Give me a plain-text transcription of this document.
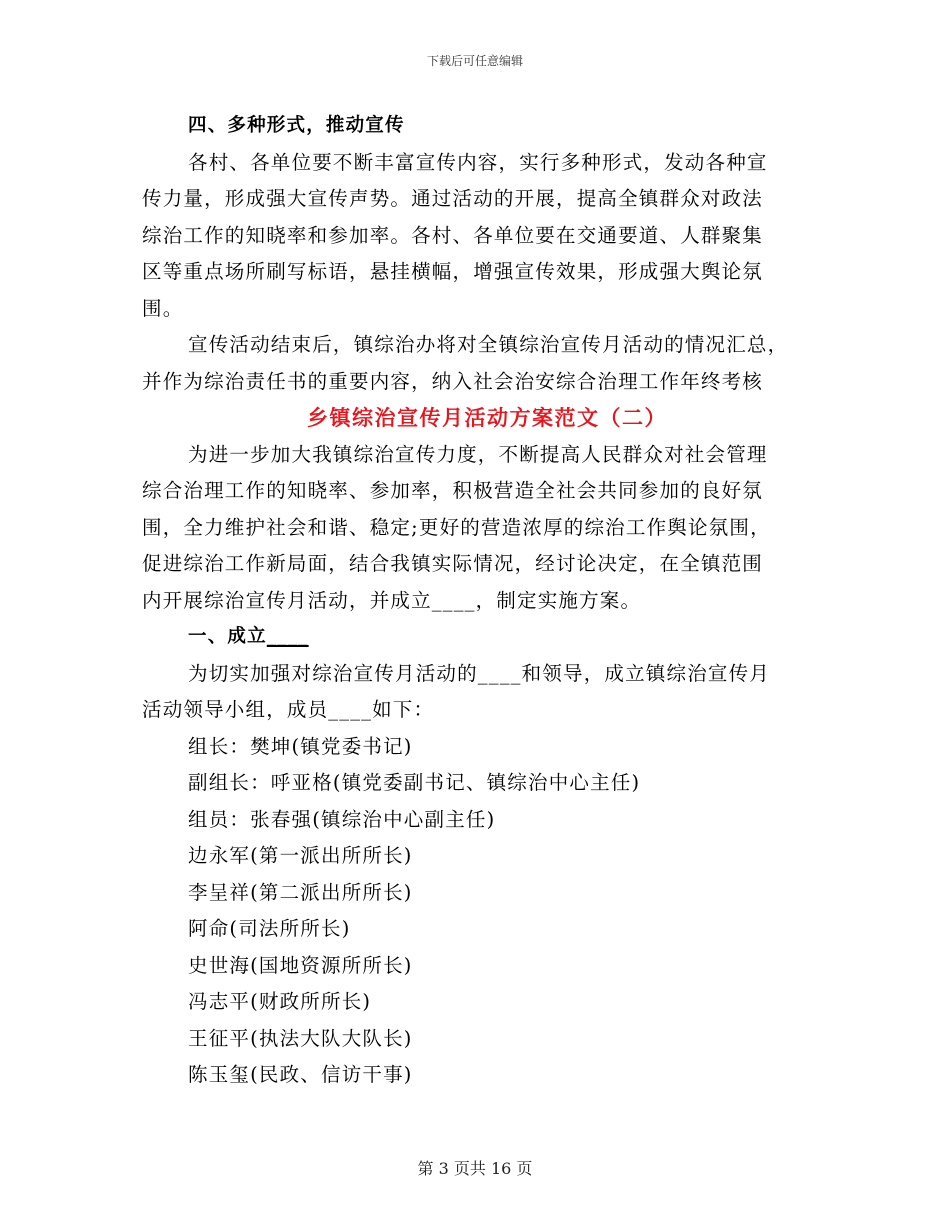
下载后可任意编辑
四、多种形式，推动宣传
各村、各单位要不断丰富宣传内容，实行多种形式，发动各种宣
传力量，形成强大宣传声势。通过活动的开展，提高全镇群众对政法
综治工作的知晓率和参加率。各村、各单位要在交通要道、人群聚集
区等重点场所刷写标语，悬挂横幅，增强宣传效果，形成强大舆论氛
围。
宣传活动结束后，镇综治办将对全镇综治宣传月活动的情况汇总，
并作为综治责任书的重要内容，纳入社会治安综合治理工作年终考核
乡镇综治宣传月活动方案范文（二）
为进一步加大我镇综治宣传力度，不断提高人民群众对社会管理
综合治理工作的知晓率、参加率，积极营造全社会共同参加的良好氛
围，全力维护社会和谐、稳定;更好的营造浓厚的综治工作舆论氛围，
促进综治工作新局面，结合我镇实际情况，经讨论决定，在全镇范围
内开展综治宣传月活动，并成立____，制定实施方案。
一、成立____
为切实加强对综治宣传月活动的____和领导，成立镇综治宣传月
活动领导小组，成员____如下：
组长：樊坤(镇党委书记)
副组长：呼亚格(镇党委副书记、镇综治中心主任)
组员：张春强(镇综治中心副主任)
边永军(第一派出所所长)
李呈祥(第二派出所所长)
阿命(司法所所长)
史世海(国地资源所所长)
冯志平(财政所所长)
王征平(执法大队大队长)
陈玉玺(民政、信访干事)
第 3 页共 16 页
